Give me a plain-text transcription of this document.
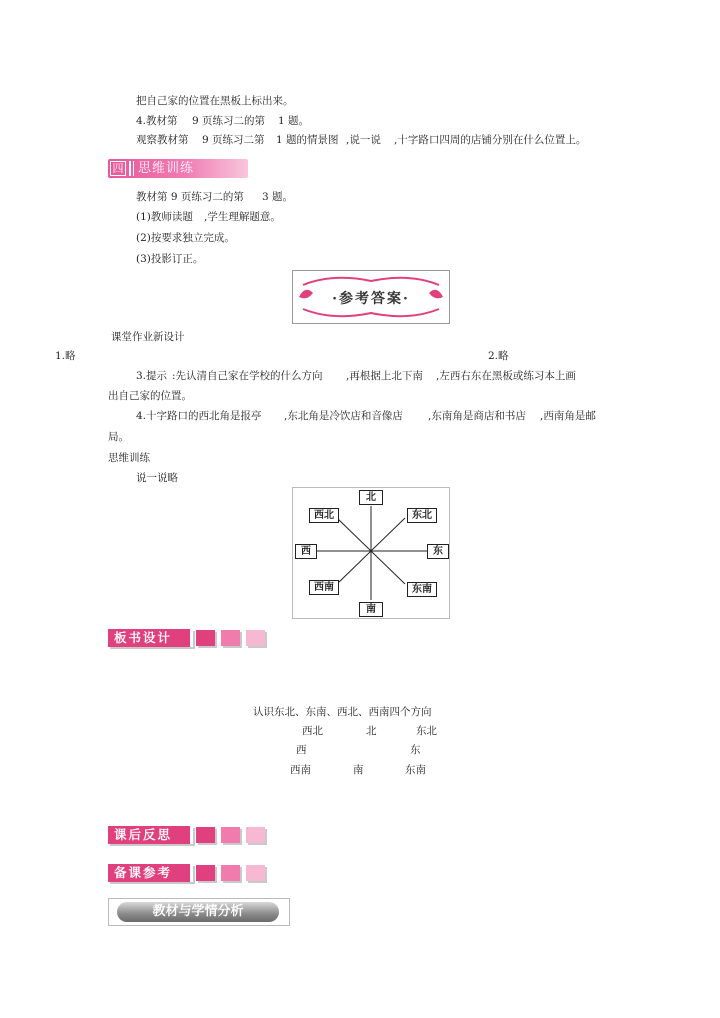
把自己家的位置在黑板上标出来。
4.教材第 9 页练习二的第 1 题。
观察教材第 9 页练习二第 1 题的情景图 ,说一说 ,十字路口四周的店铺分别在什么位置上。
四 思维训练
教材第 9 页练习二的第 3 题。
(1)教师读题 ,学生理解题意。
(2)按要求独立完成。
(3)投影订正。
·参考答案·
课堂作业新设计
1.略	2.略
3.提示 :先认清自己家在学校的什么方向 ,再根据上北下南 ,左西右东在黑板或练习本上画
出自己家的位置。
4.十字路口的西北角是报亭 ,东北角是冷饮店和音像店 ,东南角是商店和书店 ,西南角是邮
局。
思维训练
说一说略
北
东北
东
东南
南
西南
西
西北
板书设计
认识东北、东南、西北、西南四个方向
西北	北	东北
西	东
西南	南	东南
课后反思
备课参考
教材与学情分析
